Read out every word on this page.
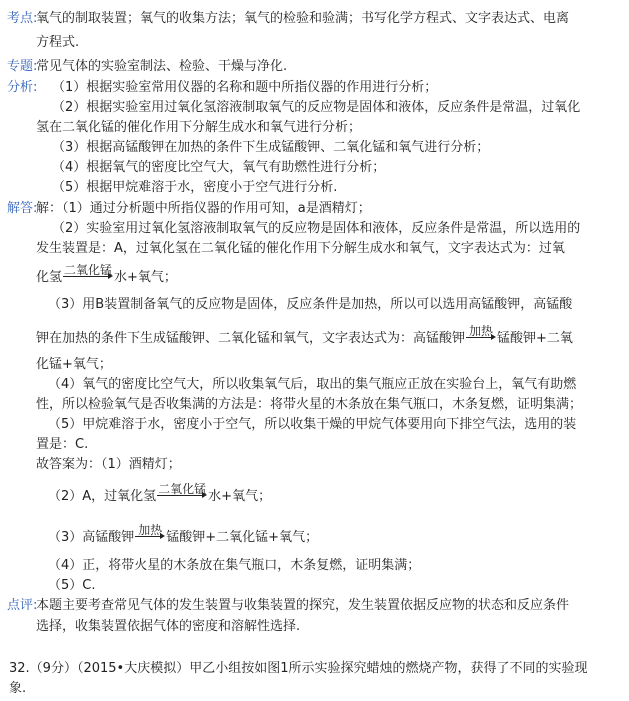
考点:
氧气的制取装置；氧气的收集方法；氧气的检验和验满；书写化学方程式、文字表达式、电离
方程式.
专题:
常见气体的实验室制法、检验、干燥与净化.
分析: （1）根据实验室常用仪器的名称和题中所指仪器的作用进行分析；
（2）根据实验室用过氧化氢溶液制取氧气的反应物是固体和液体，反应条件是常温，过氧化
氢在二氧化锰的催化作用下分解生成水和氧气进行分析；
（3）根据高锰酸钾在加热的条件下生成锰酸钾、二氧化锰和氧气进行分析；
（4）根据氧气的密度比空气大，氧气有助燃性进行分析；
（5）根据甲烷难溶于水，密度小于空气进行分析.
解答:
解：（1）通过分析题中所指仪器的作用可知，a是酒精灯；
（2）实验室用过氧化氢溶液制取氧气的反应物是固体和液体，反应条件是常温，所以选用的
发生装置是：A，过氧化氢在二氧化锰的催化作用下分解生成水和氧气，文字表达式为：过氧
化氢 二氧化锰 水+氧气；
（3）用B装置制备氧气的反应物是固体，反应条件是加热，所以可以选用高锰酸钾，高锰酸
钾在加热的条件下生成锰酸钾、二氧化锰和氧气，文字表达式为：高锰酸钾 加热 锰酸钾+二氧
化锰+氧气；
（4）氧气的密度比空气大，所以收集氧气后，取出的集气瓶应正放在实验台上，氧气有助燃
性，所以检验氧气是否收集满的方法是：将带火星的木条放在集气瓶口，木条复燃，证明集满；
（5）甲烷难溶于水，密度小于空气，所以收集干燥的甲烷气体要用向下排空气法，选用的装
置是：C.
故答案为：（1）酒精灯；
（2）A，过氧化氢 二氧化锰 水+氧气；
（3）高锰酸钾 加热 锰酸钾+二氧化锰+氧气；
（4）正，将带火星的木条放在集气瓶口，木条复燃，证明集满；
（5）C.
点评:
本题主要考查常见气体的发生装置与收集装置的探究，发生装置依据反应物的状态和反应条件
选择，收集装置依据气体的密度和溶解性选择.
32.（9分）（2015•大庆模拟）甲乙小组按如图1所示实验探究蜡烛的燃烧产物，获得了不同的实验现
象.
